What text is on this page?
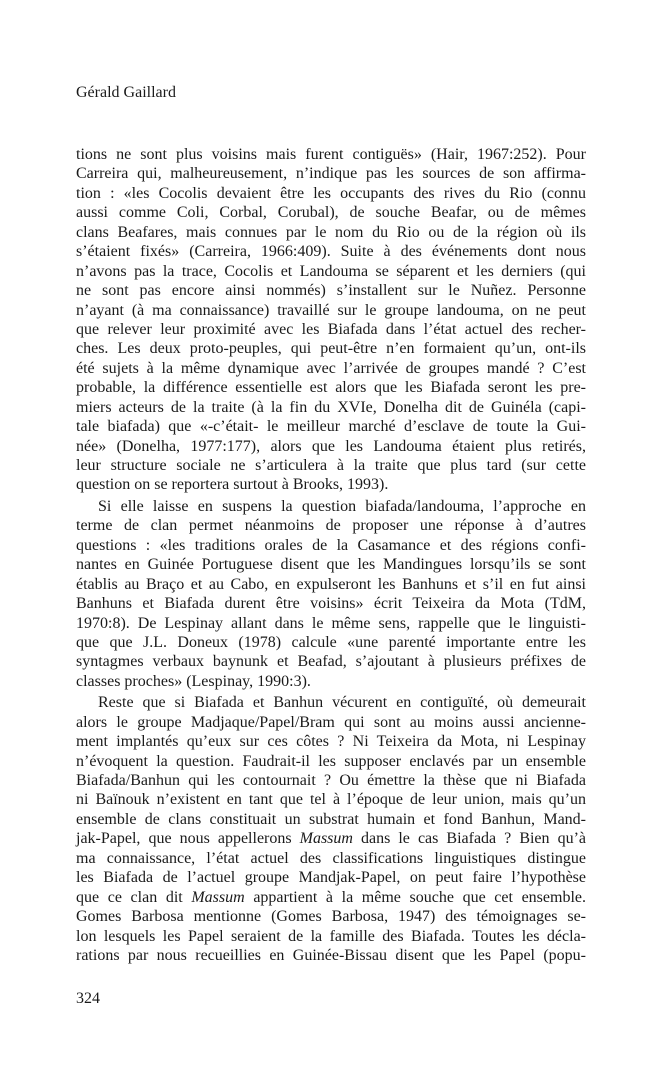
Gérald Gaillard
tions ne sont plus voisins mais furent contiguës» (Hair, 1967:252). Pour
Carreira qui, malheureusement, n’indique pas les sources de son affirma-
tion : «les Cocolis devaient être les occupants des rives du Rio (connu
aussi comme Coli, Corbal, Corubal), de souche Beafar, ou de mêmes
clans Beafares, mais connues par le nom du Rio ou de la région où ils
s’étaient fixés» (Carreira, 1966:409). Suite à des événements dont nous
n’avons pas la trace, Cocolis et Landouma se séparent et les derniers (qui
ne sont pas encore ainsi nommés) s’installent sur le Nuñez. Personne
n’ayant (à ma connaissance) travaillé sur le groupe landouma, on ne peut
que relever leur proximité avec les Biafada dans l’état actuel des recher-
ches. Les deux proto-peuples, qui peut-être n’en formaient qu’un, ont-ils
été sujets à la même dynamique avec l’arrivée de groupes mandé ? C’est
probable, la différence essentielle est alors que les Biafada seront les pre-
miers acteurs de la traite (à la fin du XVIe, Donelha dit de Guinéla (capi-
tale biafada) que «-c’était- le meilleur marché d’esclave de toute la Gui-
née» (Donelha, 1977:177), alors que les Landouma étaient plus retirés,
leur structure sociale ne s’articulera à la traite que plus tard (sur cette
question on se reportera surtout à Brooks, 1993).
Si elle laisse en suspens la question biafada/landouma, l’approche en
terme de clan permet néanmoins de proposer une réponse à d’autres
questions : «les traditions orales de la Casamance et des régions confi-
nantes en Guinée Portuguese disent que les Mandingues lorsqu’ils se sont
établis au Braço et au Cabo, en expulseront les Banhuns et s’il en fut ainsi
Banhuns et Biafada durent être voisins» écrit Teixeira da Mota (TdM,
1970:8). De Lespinay allant dans le même sens, rappelle que le linguisti-
que que J.L. Doneux (1978) calcule «une parenté importante entre les
syntagmes verbaux baynunk et Beafad, s’ajoutant à plusieurs préfixes de
classes proches» (Lespinay, 1990:3).
Reste que si Biafada et Banhun vécurent en contiguïté, où demeurait
alors le groupe Madjaque/Papel/Bram qui sont au moins aussi ancienne-
ment implantés qu’eux sur ces côtes ? Ni Teixeira da Mota, ni Lespinay
n’évoquent la question. Faudrait-il les supposer enclavés par un ensemble
Biafada/Banhun qui les contournait ? Ou émettre la thèse que ni Biafada
ni Baïnouk n’existent en tant que tel à l’époque de leur union, mais qu’un
ensemble de clans constituait un substrat humain et fond Banhun, Mand-
jak-Papel, que nous appellerons Massum dans le cas Biafada ? Bien qu’à
ma connaissance, l’état actuel des classifications linguistiques distingue
les Biafada de l’actuel groupe Mandjak-Papel, on peut faire l’hypothèse
que ce clan dit Massum appartient à la même souche que cet ensemble.
Gomes Barbosa mentionne (Gomes Barbosa, 1947) des témoignages se-
lon lesquels les Papel seraient de la famille des Biafada. Toutes les décla-
rations par nous recueillies en Guinée-Bissau disent que les Papel (popu-
324
